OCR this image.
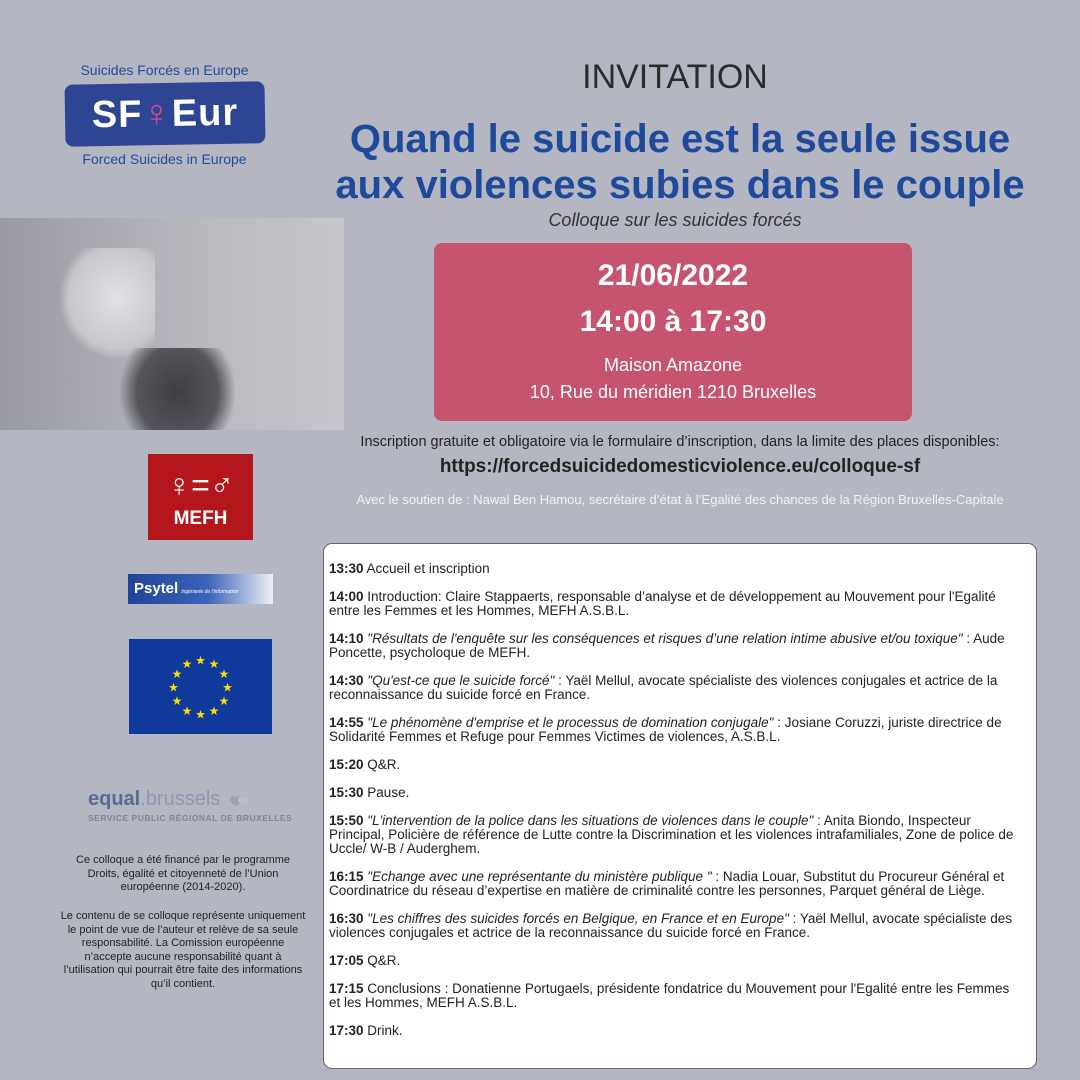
Suicides Forcés en Europe
SF♀Eur
Forced Suicides in Europe
INVITATION
Quand le suicide est la seule issue
aux violences subies dans le couple
Colloque sur les suicides forcés
21/06/2022
14:00 à 17:30
Maison Amazone
10, Rue du méridien 1210 Bruxelles
Inscription gratuite et obligatoire via le formulaire d’inscription, dans la limite des places disponibles:
https://forcedsuicidedomesticviolence.eu/colloque-sf
Avec le soutien de : Nawal Ben Hamou, secrétaire d’état à l’Egalité des chances de la Région Bruxelles-Capitale
♀=♂
MEFH
Psytel Ingénierie de l'information
★ ★
★
★
★
★
★
★
★
★
★
★
equal.brussels
SERVICE PUBLIC RÉGIONAL DE BRUXELLES
Ce colloque a été financé par le programme Droits, égalité et citoyenneté de l’Union européenne (2014-2020).
Le contenu de se colloque représente uniquement le point de vue de l’auteur et relève de sa seule responsabilité. La Comission européenne n’accepte aucune responsabilité quant à l’utilisation qui pourrait être faite des informations qu’il contient.
13:30 Accueil et inscription
14:00 Introduction: Claire Stappaerts, responsable d’analyse et de développement au Mouvement pour l'Egalité entre les Femmes et les Hommes, MEFH A.S.B.L.
14:10 "Résultats de l'enquête sur les conséquences et risques d’une relation intime abusive et/ou toxique" : Aude Poncette, psycholoque de MEFH.
14:30 "Qu'est-ce que le suicide forcé" : Yaël Mellul, avocate spécialiste des violences conjugales et actrice de la reconnaissance du suicide forcé en France.
14:55 "Le phénomène d'emprise et le processus de domination conjugale" : Josiane Coruzzi, juriste directrice de Solidarité Femmes et Refuge pour Femmes Victimes de violences, A.S.B.L.
15:20 Q&R.
15:30 Pause.
15:50 "L'intervention de la police dans les situations de violences dans le couple" : Anita Biondo, Inspecteur Principal, Policière de référence de Lutte contre la Discrimination et les violences intrafamiliales, Zone de police de Uccle/ W-B / Auderghem.
16:15 "Echange avec une représentante du ministère publique " : Nadia Louar, Substitut du Procureur Général et Coordinatrice du réseau d’expertise en matière de criminalité contre les personnes, Parquet général de Liège.
16:30 "Les chiffres des suicides forcés en Belgique, en France et en Europe" : Yaël Mellul, avocate spécialiste des violences conjugales et actrice de la reconnaissance du suicide forcé en France.
17:05 Q&R.
17:15 Conclusions : Donatienne Portugaels, présidente fondatrice du Mouvement pour l'Egalité entre les Femmes et les Hommes, MEFH A.S.B.L.
17:30 Drink.
